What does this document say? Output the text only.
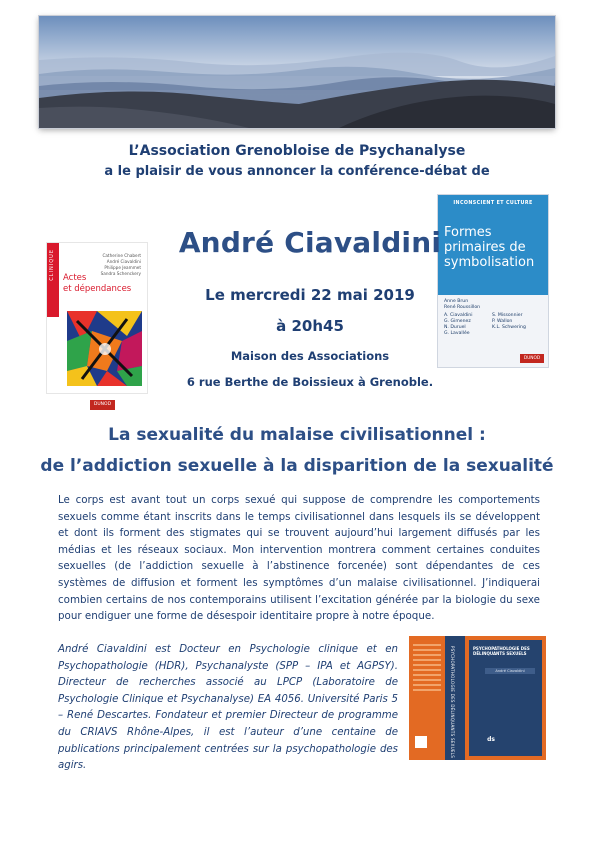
L’Association Grenobloise de Psychanalyse
a le plaisir de vous annoncer la conférence-débat de
CLINIQUE	Catherine Chabert
André Ciavaldini
Philippe Jeammet
Sandra Schenckery
Actes
et dépendances
DUNOD
INCONSCIENT ET CULTURE
Formes primaires de symbolisation
Anne Brun
René Roussillon
A. Ciavaldini
G. Gimenez
N. Duruel
G. Lavallée
S. Missonnier
P. Wallon
K.L. Schwering
DUNOD
André Ciavaldini
Le mercredi 22 mai 2019
à 20h45
Maison des Associations
6 rue Berthe de Boissieux à Grenoble.
La sexualité du malaise civilisationnel :
de l’addiction sexuelle à la disparition de la sexualité

Le corps est avant tout un corps sexué qui suppose de comprendre les comportements sexuels comme étant inscrits dans le temps civilisationnel dans lesquels ils se développent et dont ils forment des stigmates qui se trouvent aujourd’hui largement diffusés par les médias et les réseaux sociaux. Mon intervention montrera comment certaines conduites sexuelles (de l’addiction sexuelle à l’abstinence forcenée) sont dépendantes de ces systèmes de diffusion et forment les symptômes d’un malaise civilisationnel. J’indiquerai combien certains de nos contemporains utilisent l’excitation générée par la biologie du sexe pour endiguer une forme de désespoir identitaire propre à notre époque.

André Ciavaldini est Docteur en Psychologie clinique et en Psychopathologie (HDR), Psychanalyste (SPP – IPA et AGPSY). Directeur de recherches associé au LPCP (Laboratoire de Psychologie Clinique et Psychanalyse) EA 4056. Université Paris 5 – René Descartes. Fondateur et premier Directeur de programme du CRIAVS Rhône-Alpes, il est l’auteur d’une centaine de publications principalement centrées sur la psychopathologie des agirs.

PSYCHOPATHOLOGIE DES DÉLINQUANTS SEXUELS	PSYCHOPATHOLOGIE DES DÉLINQUANTS SEXUELS
André Ciavaldini
ds
